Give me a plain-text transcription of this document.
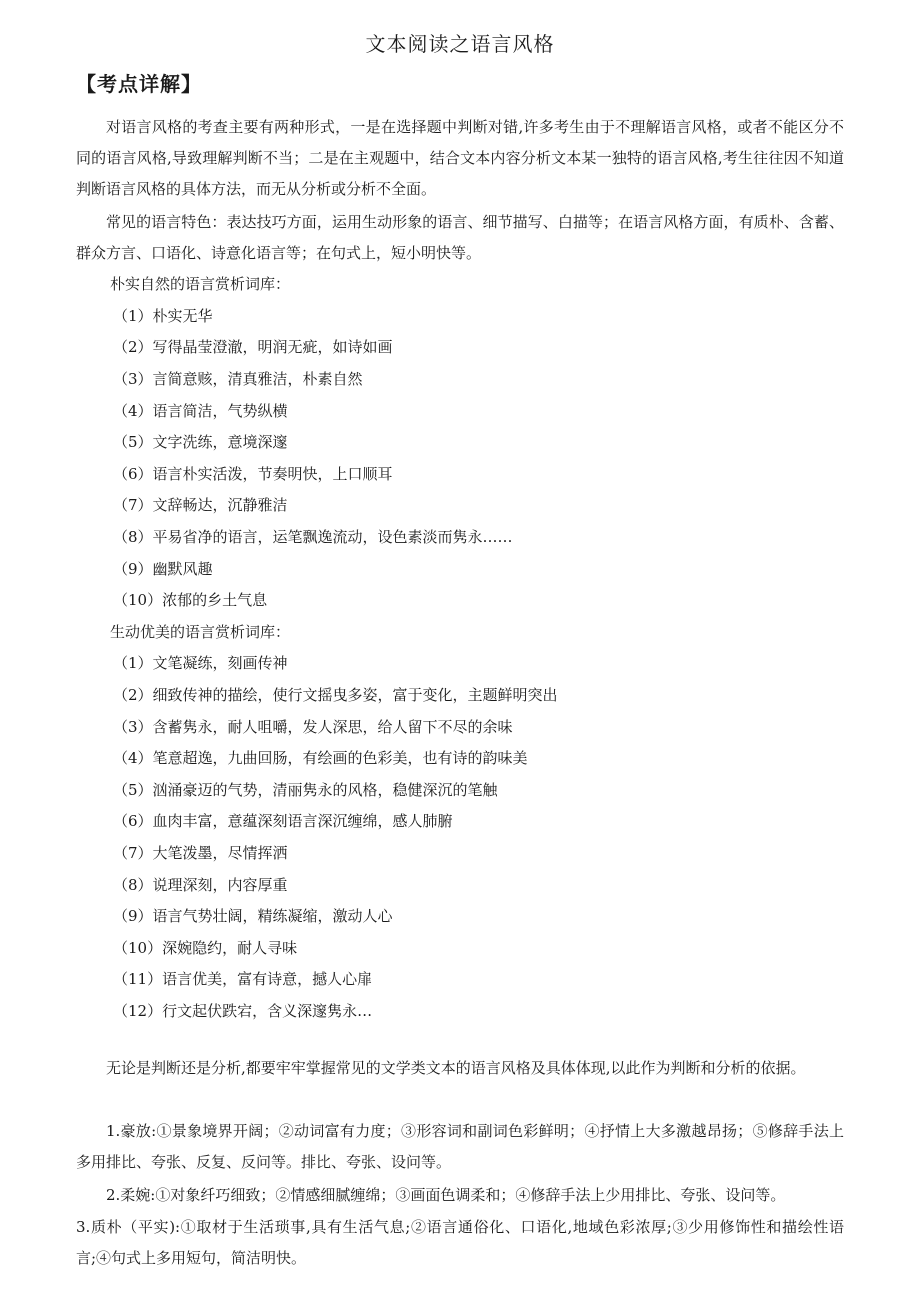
文本阅读之语言风格
【考点详解】
对语言风格的考查主要有两种形式，一是在选择题中判断对错,许多考生由于不理解语言风格，或者不能区分不同的语言风格,导致理解判断不当；二是在主观题中，结合文本内容分析文本某一独特的语言风格,考生往往因不知道判断语言风格的具体方法，而无从分析或分析不全面。
常见的语言特色：表达技巧方面，运用生动形象的语言、细节描写、白描等；在语言风格方面，有质朴、含蓄、群众方言、口语化、诗意化语言等；在句式上，短小明快等。
朴实自然的语言赏析词库：
（1）朴实无华
（2）写得晶莹澄澈，明润无疵，如诗如画
（3）言简意赅，清真雅洁，朴素自然
（4）语言简洁，气势纵横
（5）文字洗练，意境深邃
（6）语言朴实活泼，节奏明快，上口顺耳
（7）文辞畅达，沉静雅洁
（8）平易省净的语言，运笔飘逸流动，设色素淡而隽永……
（9）幽默风趣
（10）浓郁的乡土气息
生动优美的语言赏析词库：
（1）文笔凝练，刻画传神
（2）细致传神的描绘，使行文摇曳多姿，富于变化，主题鲜明突出
（3）含蓄隽永，耐人咀嚼，发人深思，给人留下不尽的余味
（4）笔意超逸，九曲回肠，有绘画的色彩美，也有诗的韵味美
（5）汹涌豪迈的气势，清丽隽永的风格，稳健深沉的笔触
（6）血肉丰富，意蕴深刻语言深沉缠绵，感人肺腑
（7）大笔泼墨，尽情挥洒
（8）说理深刻，内容厚重
（9）语言气势壮阔，精练凝缩，激动人心
（10）深婉隐约，耐人寻味
（11）语言优美，富有诗意，撼人心扉
（12）行文起伏跌宕，含义深邃隽永…
无论是判断还是分析,都要牢牢掌握常见的文学类文本的语言风格及具体体现,以此作为判断和分析的依据。
1.豪放:①景象境界开阔；②动词富有力度；③形容词和副词色彩鲜明；④抒情上大多激越昂扬；⑤修辞手法上多用排比、夸张、反复、反问等。排比、夸张、设问等。
2.柔婉:①对象纤巧细致；②情感细腻缠绵；③画面色调柔和；④修辞手法上少用排比、夸张、设问等。
3.质朴（平实):①取材于生活琐事,具有生活气息;②语言通俗化、口语化,地域色彩浓厚;③少用修饰性和描绘性语言;④句式上多用短句，简洁明快。
